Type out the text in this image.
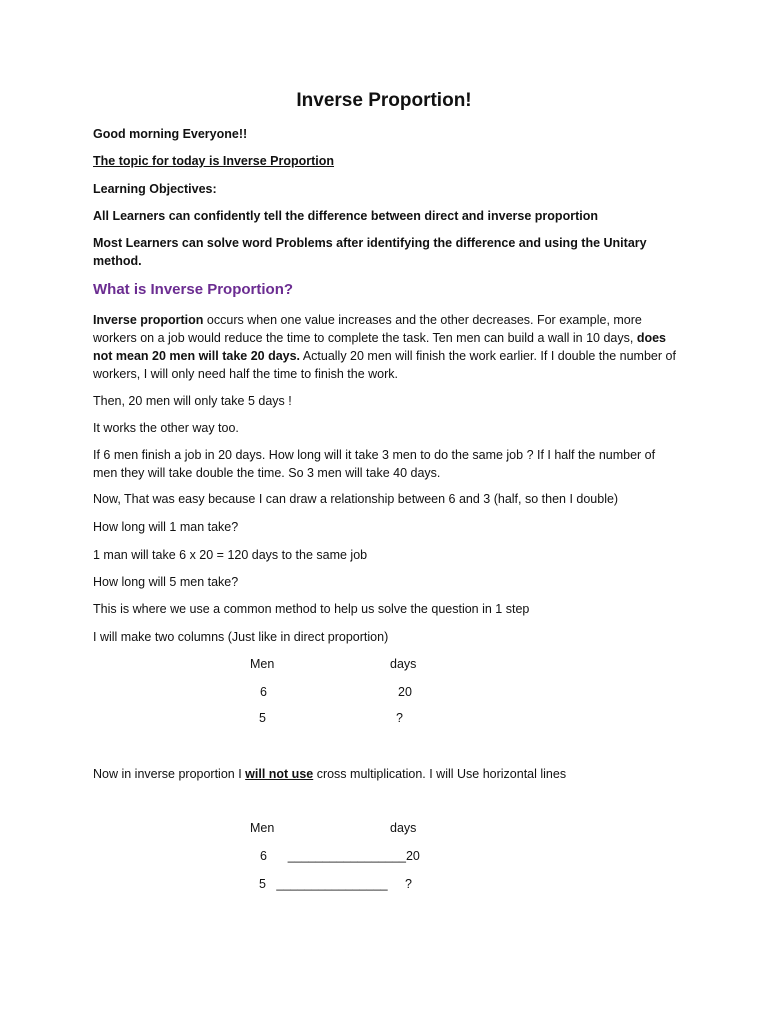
Inverse Proportion!

Good morning Everyone!!

The topic for today is Inverse Proportion

Learning Objectives:

All Learners can confidently tell the difference between direct and inverse proportion

Most Learners can solve word Problems after identifying the difference and using the Unitary method.

What is Inverse Proportion?

Inverse proportion occurs when one value increases and the other decreases. For example, more workers on a job would reduce the time to complete the task. Ten men can build a wall in 10 days, does not mean 20 men will take 20 days. Actually 20 men will finish the work earlier. If I double the number of workers, I will only need half the time to finish the work.

Then, 20 men will only take 5 days !

It works the other way too.

If 6 men finish a job in 20 days. How long will it take 3 men to do the same job ? If I half the number of men they will take double the time. So 3 men will take 40 days.

Now, That was easy because I can draw a relationship between 6 and 3 (half, so then I double)

How long will 1 man take?

1 man will take 6 x 20 = 120 days to the same job

How long will 5 men take?

This is where we use a common method to help us solve the question in 1 step

I will make two columns (Just like in direct proportion)

Men	days
6	20
5	?

Now in inverse proportion I will not use cross multiplication. I will Use horizontal lines

Men	days
6      _________________20
5   ________________     ?
